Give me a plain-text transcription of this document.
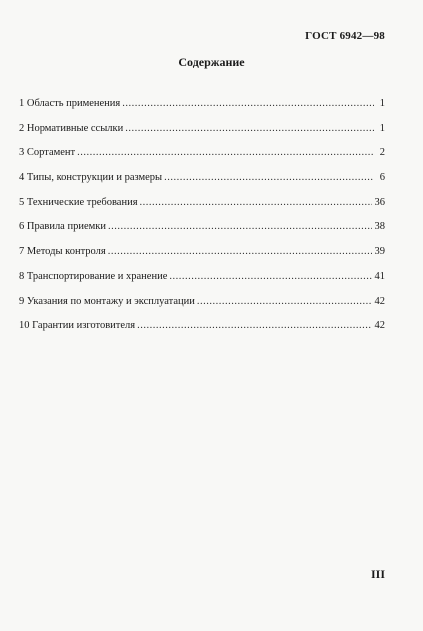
ГОСТ 6942—98
Содержание
1 Область применения .....	1
2 Нормативные ссылки .....	1
3 Сортамент .....	2
4 Типы, конструкции и размеры .....	6
5 Технические требования .....	36
6 Правила приемки .....	38
7 Методы контроля .....	39
8 Транспортирование и хранение .....	41
9 Указания по монтажу и эксплуатации .....	42
10 Гарантии изготовителя .....	42
III
